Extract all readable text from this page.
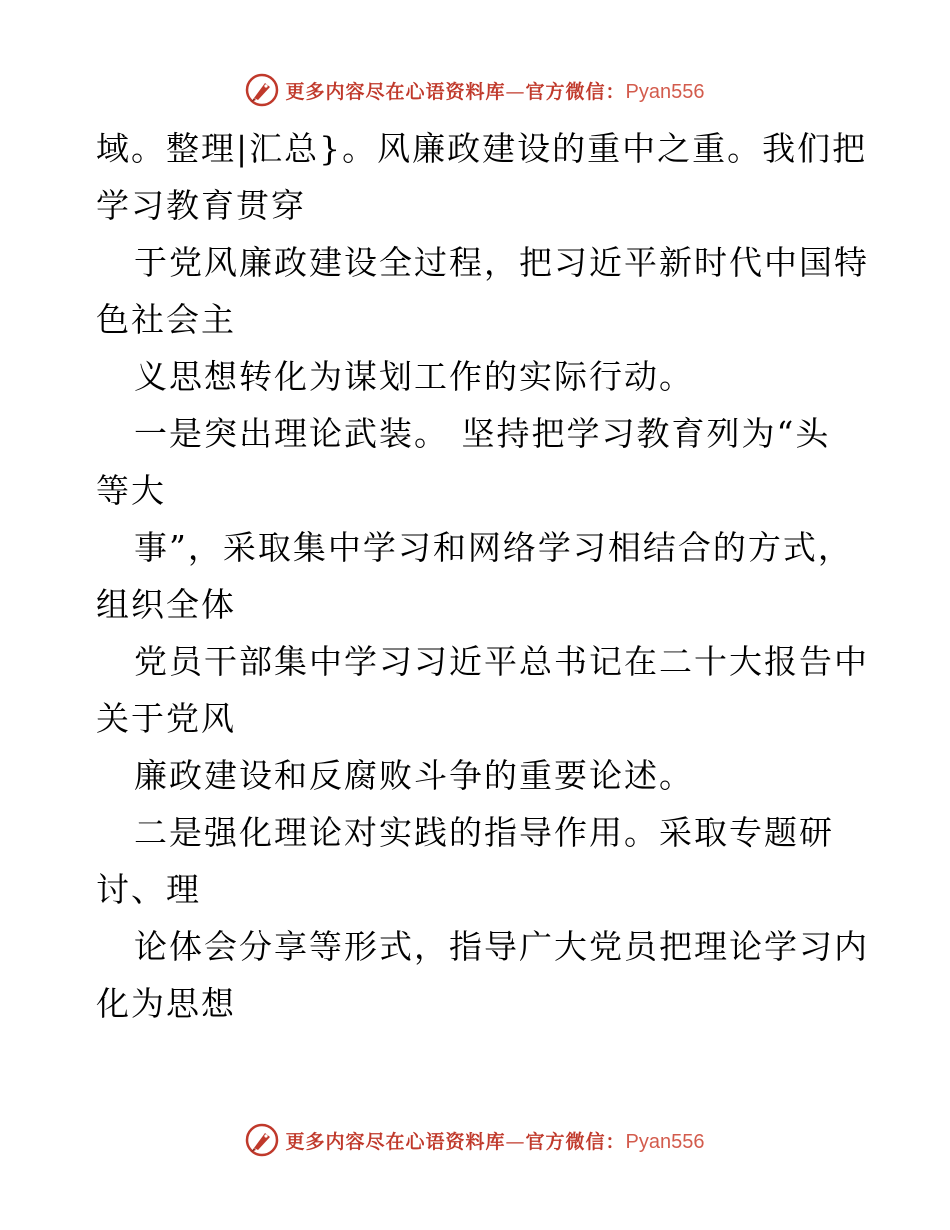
更多内容尽在心语资料库—官方微信：Pyan556
域。整理|汇总}。风廉政建设的重中之重。我们把
学习教育贯穿
于党风廉政建设全过程，把习近平新时代中国特
色社会主
义思想转化为谋划工作的实际行动。
一是突出理论武装。 坚持把学习教育列为“头
等大
事”，采取集中学习和网络学习相结合的方式，
组织全体
党员干部集中学习习近平总书记在二十大报告中
关于党风
廉政建设和反腐败斗争的重要论述。
二是强化理论对实践的指导作用。采取专题研
讨、理
论体会分享等形式，指导广大党员把理论学习内
化为思想
更多内容尽在心语资料库—官方微信：Pyan556
